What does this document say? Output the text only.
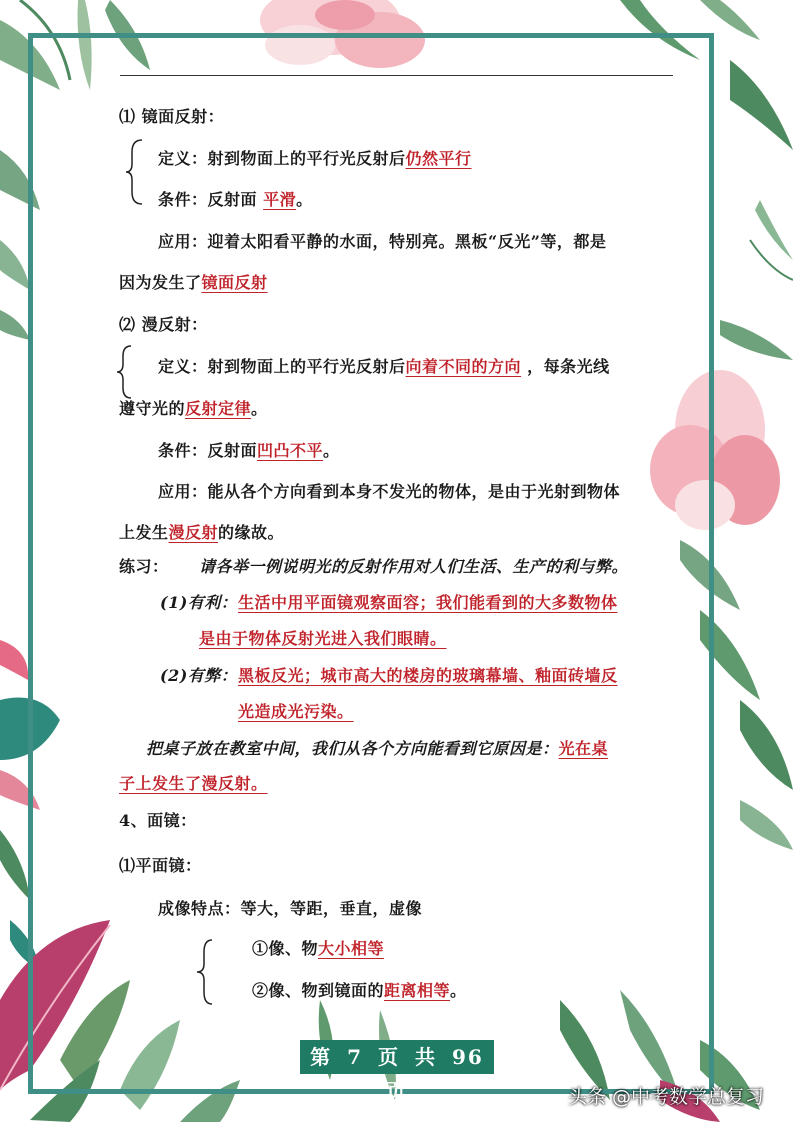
⑴ 镜面反射：
定义：射到物面上的平行光反射后仍然平行
条件：反射面 平滑。
应用：迎着太阳看平静的水面，特别亮。黑板“反光”等，都是
因为发生了镜面反射
⑵ 漫反射：
定义：射到物面上的平行光反射后向着不同的方向 ，每条光线
遵守光的反射定律。
条件：反射面凹凸不平。
应用：能从各个方向看到本身不发光的物体，是由于光射到物体
上发生漫反射的缘故。
练习： 请各举一例说明光的反射作用对人们生活、生产的利与弊。
(1)有利： 生活中用平面镜观察面容；我们能看到的大多数物体
是由于物体反射光进入我们眼睛。
(2)有弊： 黑板反光；城市高大的楼房的玻璃幕墙、釉面砖墙反
光造成光污染。
把桌子放在教室中间，我们从各个方向能看到它原因是：光在桌
子上发生了漫反射。
4、面镜：
⑴平面镜：
成像特点：等大，等距，垂直，虚像
①像、物大小相等
②像、物到镜面的距离相等。
第 7 页 共 96 页	头条 @中考数学总复习
